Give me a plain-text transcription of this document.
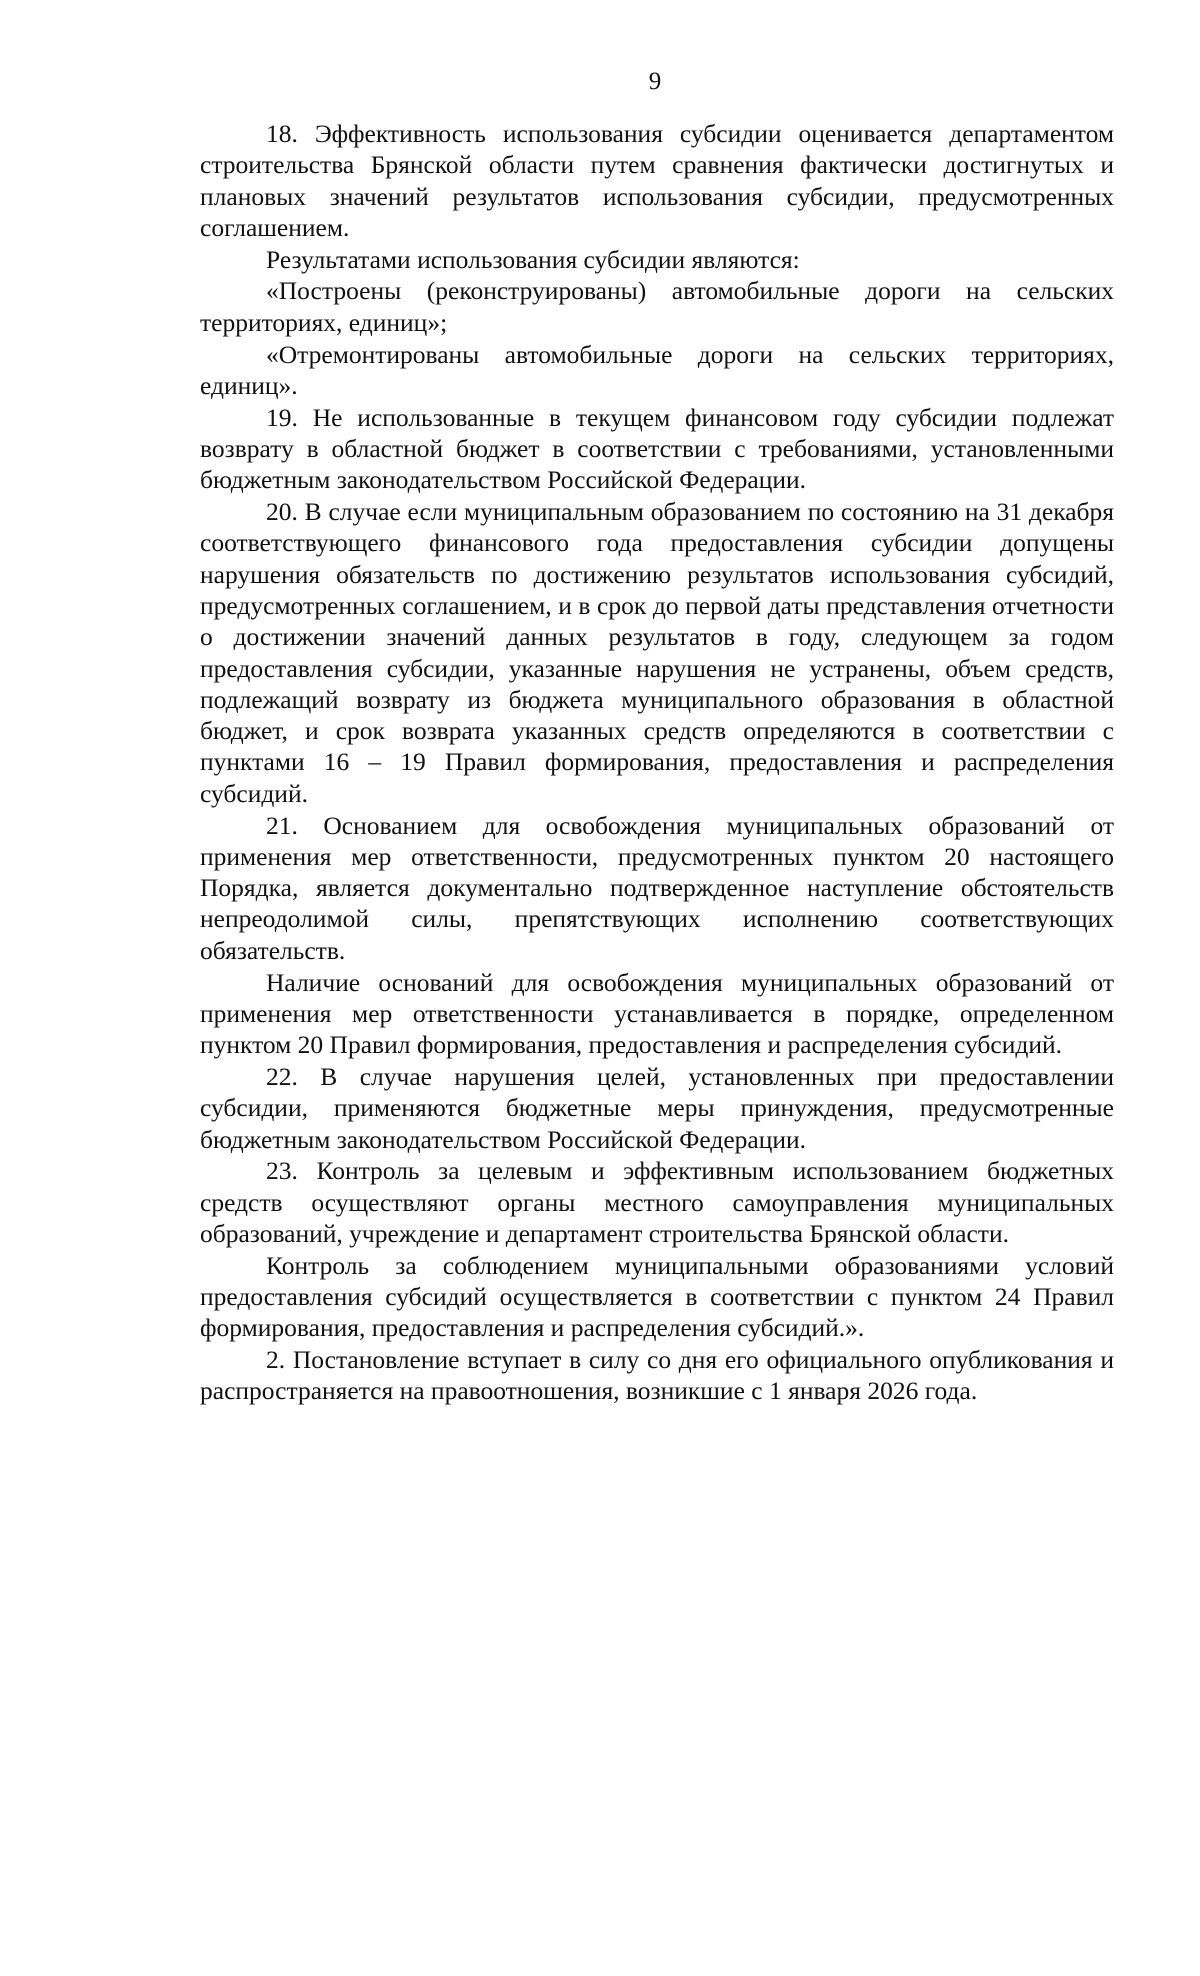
9

18. Эффективность использования субсидии оценивается департаментом строительства Брянской области путем сравнения фактически достигнутых и плановых значений результатов использования субсидии, предусмотренных соглашением.

Результатами использования субсидии являются:

«Построены (реконструированы) автомобильные дороги на сельских территориях, единиц»;

«Отремонтированы автомобильные дороги на сельских территориях, единиц».

19. Не использованные в текущем финансовом году субсидии подлежат возврату в областной бюджет в соответствии с требованиями, установленными бюджетным законодательством Российской Федерации.

20. В случае если муниципальным образованием по состоянию на 31 декабря соответствующего финансового года предоставления субсидии допущены нарушения обязательств по достижению результатов использования субсидий, предусмотренных соглашением, и в срок до первой даты представления отчетности о достижении значений данных результатов в году, следующем за годом предоставления субсидии, указанные нарушения не устранены, объем средств, подлежащий возврату из бюджета муниципального образования в областной бюджет, и срок возврата указанных средств определяются в соответствии с пунктами 16 – 19 Правил формирования, предоставления и распределения субсидий.

21. Основанием для освобождения муниципальных образований от применения мер ответственности, предусмотренных пунктом 20 настоящего Порядка, является документально подтвержденное наступление обстоятельств непреодолимой силы, препятствующих исполнению соответствующих обязательств.

Наличие оснований для освобождения муниципальных образований от применения мер ответственности устанавливается в порядке, определенном пунктом 20 Правил формирования, предоставления и распределения субсидий.

22. В случае нарушения целей, установленных при предоставлении субсидии, применяются бюджетные меры принуждения, предусмотренные бюджетным законодательством Российской Федерации.

23. Контроль за целевым и эффективным использованием бюджетных средств осуществляют органы местного самоуправления муниципальных образований, учреждение и департамент строительства Брянской области.

Контроль за соблюдением муниципальными образованиями условий предоставления субсидий осуществляется в соответствии с пунктом 24 Правил формирования, предоставления и распределения субсидий.».

2. Постановление вступает в силу со дня его официального опубликования и распространяется на правоотношения, возникшие с 1 января 2026 года.
